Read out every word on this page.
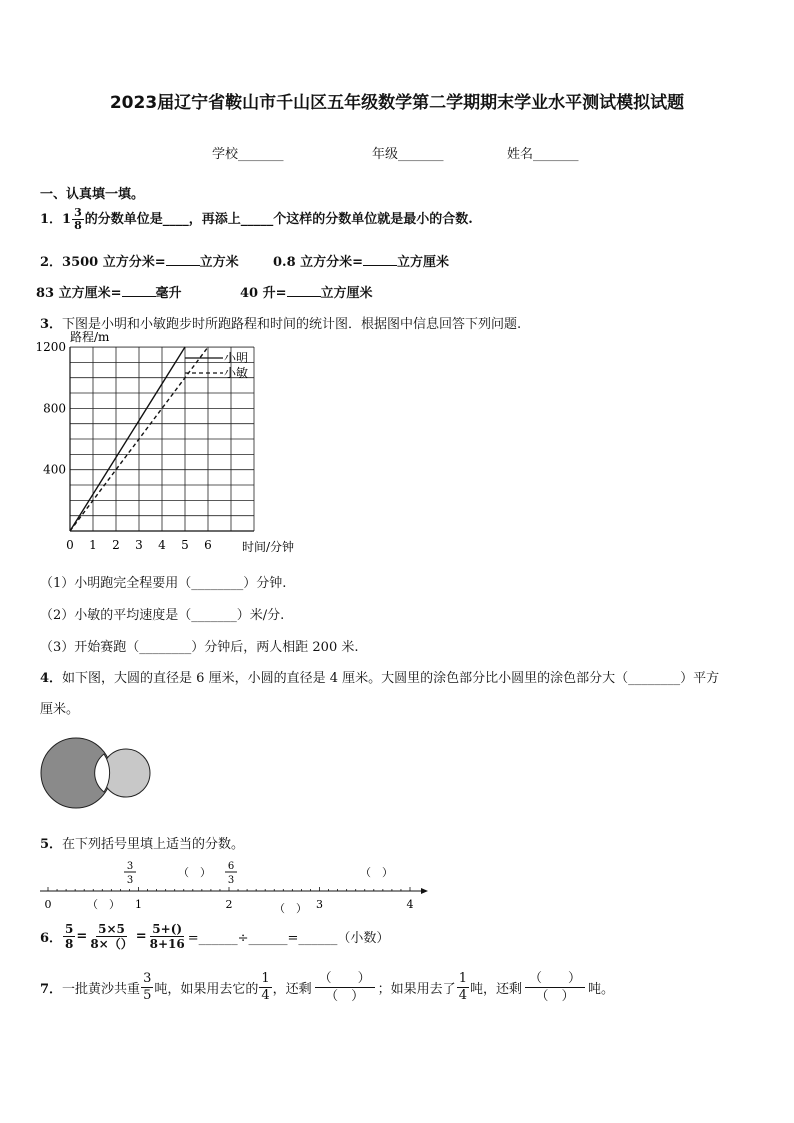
2023届辽宁省鞍山市千山区五年级数学第二学期期末学业水平测试模拟试题
学校_______	年级_______	姓名_______
一、认真填一填。
1．$1 \frac{3}{8}$ 的分数单位是____，再添上_____个这样的分数单位就是最小的合数.
2．3500 立方分米=	立方米	0.8 立方分米=	立方厘米
83 立方厘米=	毫升	40 升=	立方厘米
3．下图是小明和小敏跑步时所跑路程和时间的统计图．根据图中信息回答下列问题.
0 1 2 3 4 5 6
400
800
1200
路程/m
时间/分钟
小明
小敏
（1）小明跑完全程要用（________）分钟.
（2）小敏的平均速度是（_______）米/分.
（3）开始赛跑（________）分钟后，两人相距 200 米.
4．如下图，大圆的直径是 6 厘米，小圆的直径是 4 厘米。大圆里的涂色部分比小圆里的涂色部分大（________）平方
厘米。
5．在下列括号里填上适当的分数。
0	1	2	3	4
3
3
（　） 6
3
（　）
（　）	（　）
6． $\frac{5}{8} = \frac{5\times 5}{8\times()} = \frac{5+()}{8+16}$ =______÷______=______（小数）
7． 一批黄沙共重 $\frac{3}{5}$ 吨，如果用去它的 $\frac{1}{4}$ ，还剩 $\frac{( )}{( )}$ ；如果用去了 $\frac{1}{4}$ 吨，还剩 $\frac{( )}{( )}$ 吨。
